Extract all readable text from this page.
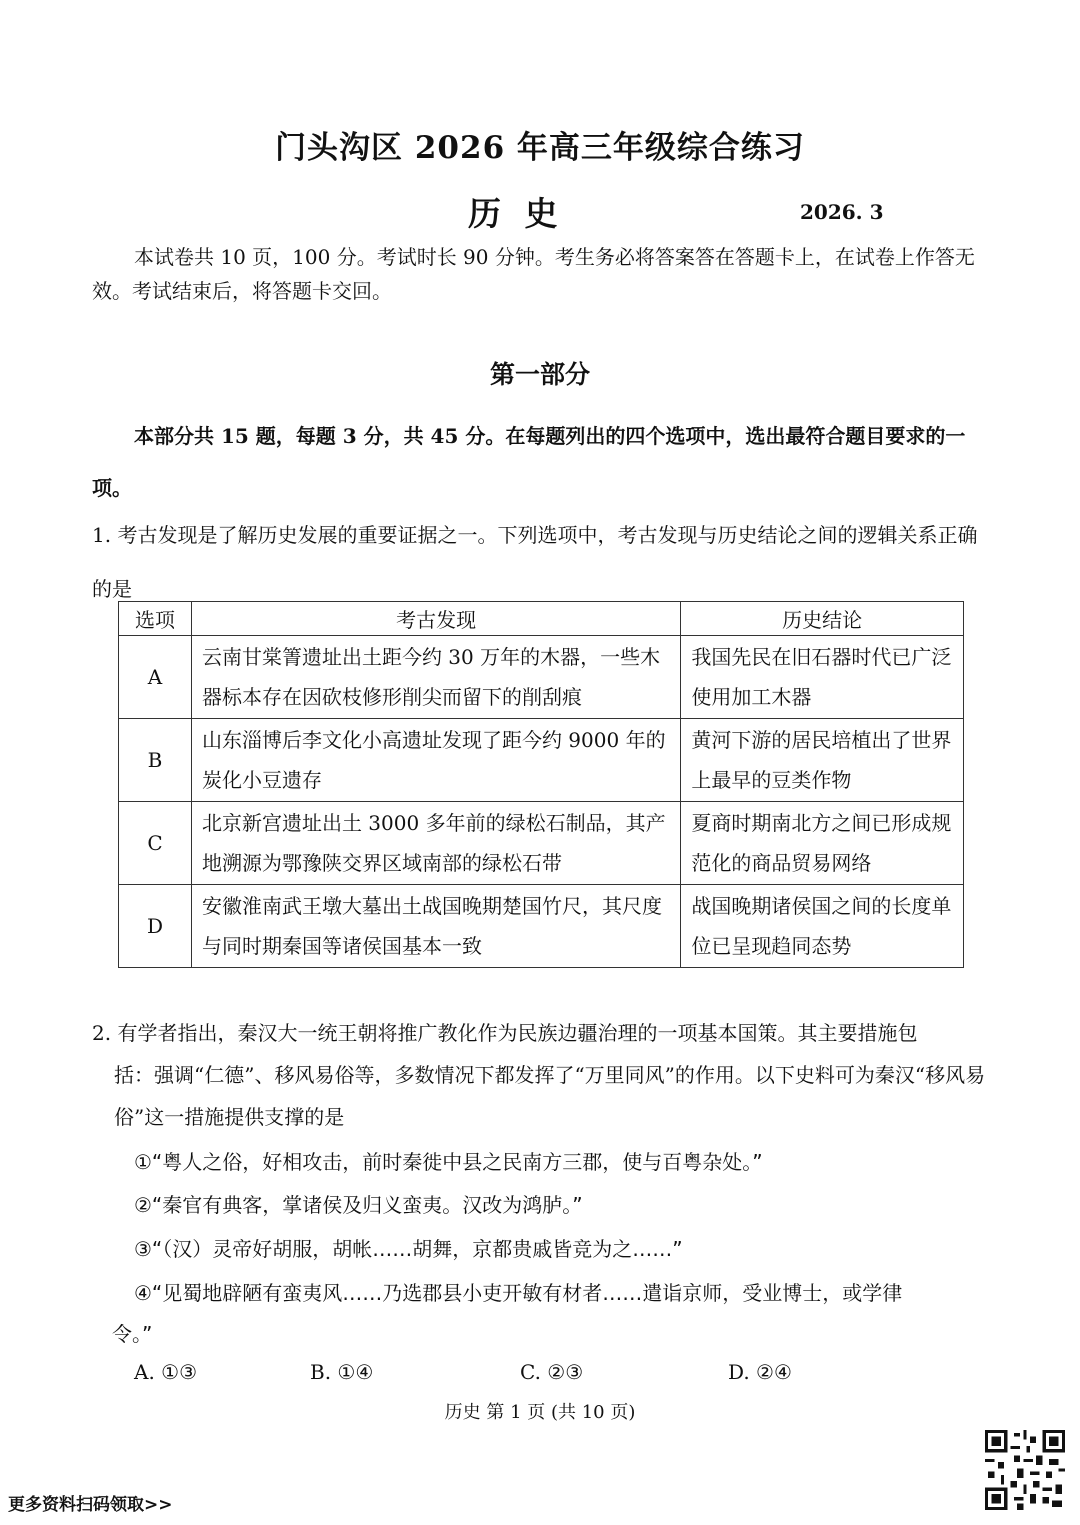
门头沟区 2026 年高三年级综合练习
历 史	2026. 3
本试卷共 10 页，100 分。考试时长 90 分钟。考生务必将答案答在答题卡上，在试卷上作答无效。考试结束后，将答题卡交回。
第一部分
本部分共 15 题，每题 3 分，共 45 分。在每题列出的四个选项中，选出最符合题目要求的一项。
1. 考古发现是了解历史发展的重要证据之一。下列选项中，考古发现与历史结论之间的逻辑关系正确的是
选项	考古发现	历史结论
A	云南甘棠箐遗址出土距今约 30 万年的木器，一些木器标本存在因砍枝修形削尖而留下的削刮痕	我国先民在旧石器时代已广泛使用加工木器
B	山东淄博后李文化小高遗址发现了距今约 9000 年的炭化小豆遗存	黄河下游的居民培植出了世界上最早的豆类作物
C	北京新宫遗址出土 3000 多年前的绿松石制品，其产地溯源为鄂豫陕交界区域南部的绿松石带	夏商时期南北方之间已形成规范化的商品贸易网络
D	安徽淮南武王墩大墓出土战国晚期楚国竹尺，其尺度与同时期秦国等诸侯国基本一致	战国晚期诸侯国之间的长度单位已呈现趋同态势
2. 有学者指出，秦汉大一统王朝将推广教化作为民族边疆治理的一项基本国策。其主要措施包
括：强调“仁德”、移风易俗等，多数情况下都发挥了“万里同风”的作用。以下史料可为秦汉“移风易俗”这一措施提供支撑的是
①“粤人之俗，好相攻击，前时秦徙中县之民南方三郡，使与百粤杂处。”
②“秦官有典客，掌诸侯及归义蛮夷。汉改为鸿胪。”
③“（汉）灵帝好胡服，胡帐……胡舞，京都贵戚皆竞为之……”
④“见蜀地辟陋有蛮夷风……乃选郡县小吏开敏有材者……遣诣京师，受业博士，或学律
令。”
A. ①③	B. ①④	C. ②③	D. ②④
历史 第 1 页 (共 10 页)
更多资料扫码领取>>
